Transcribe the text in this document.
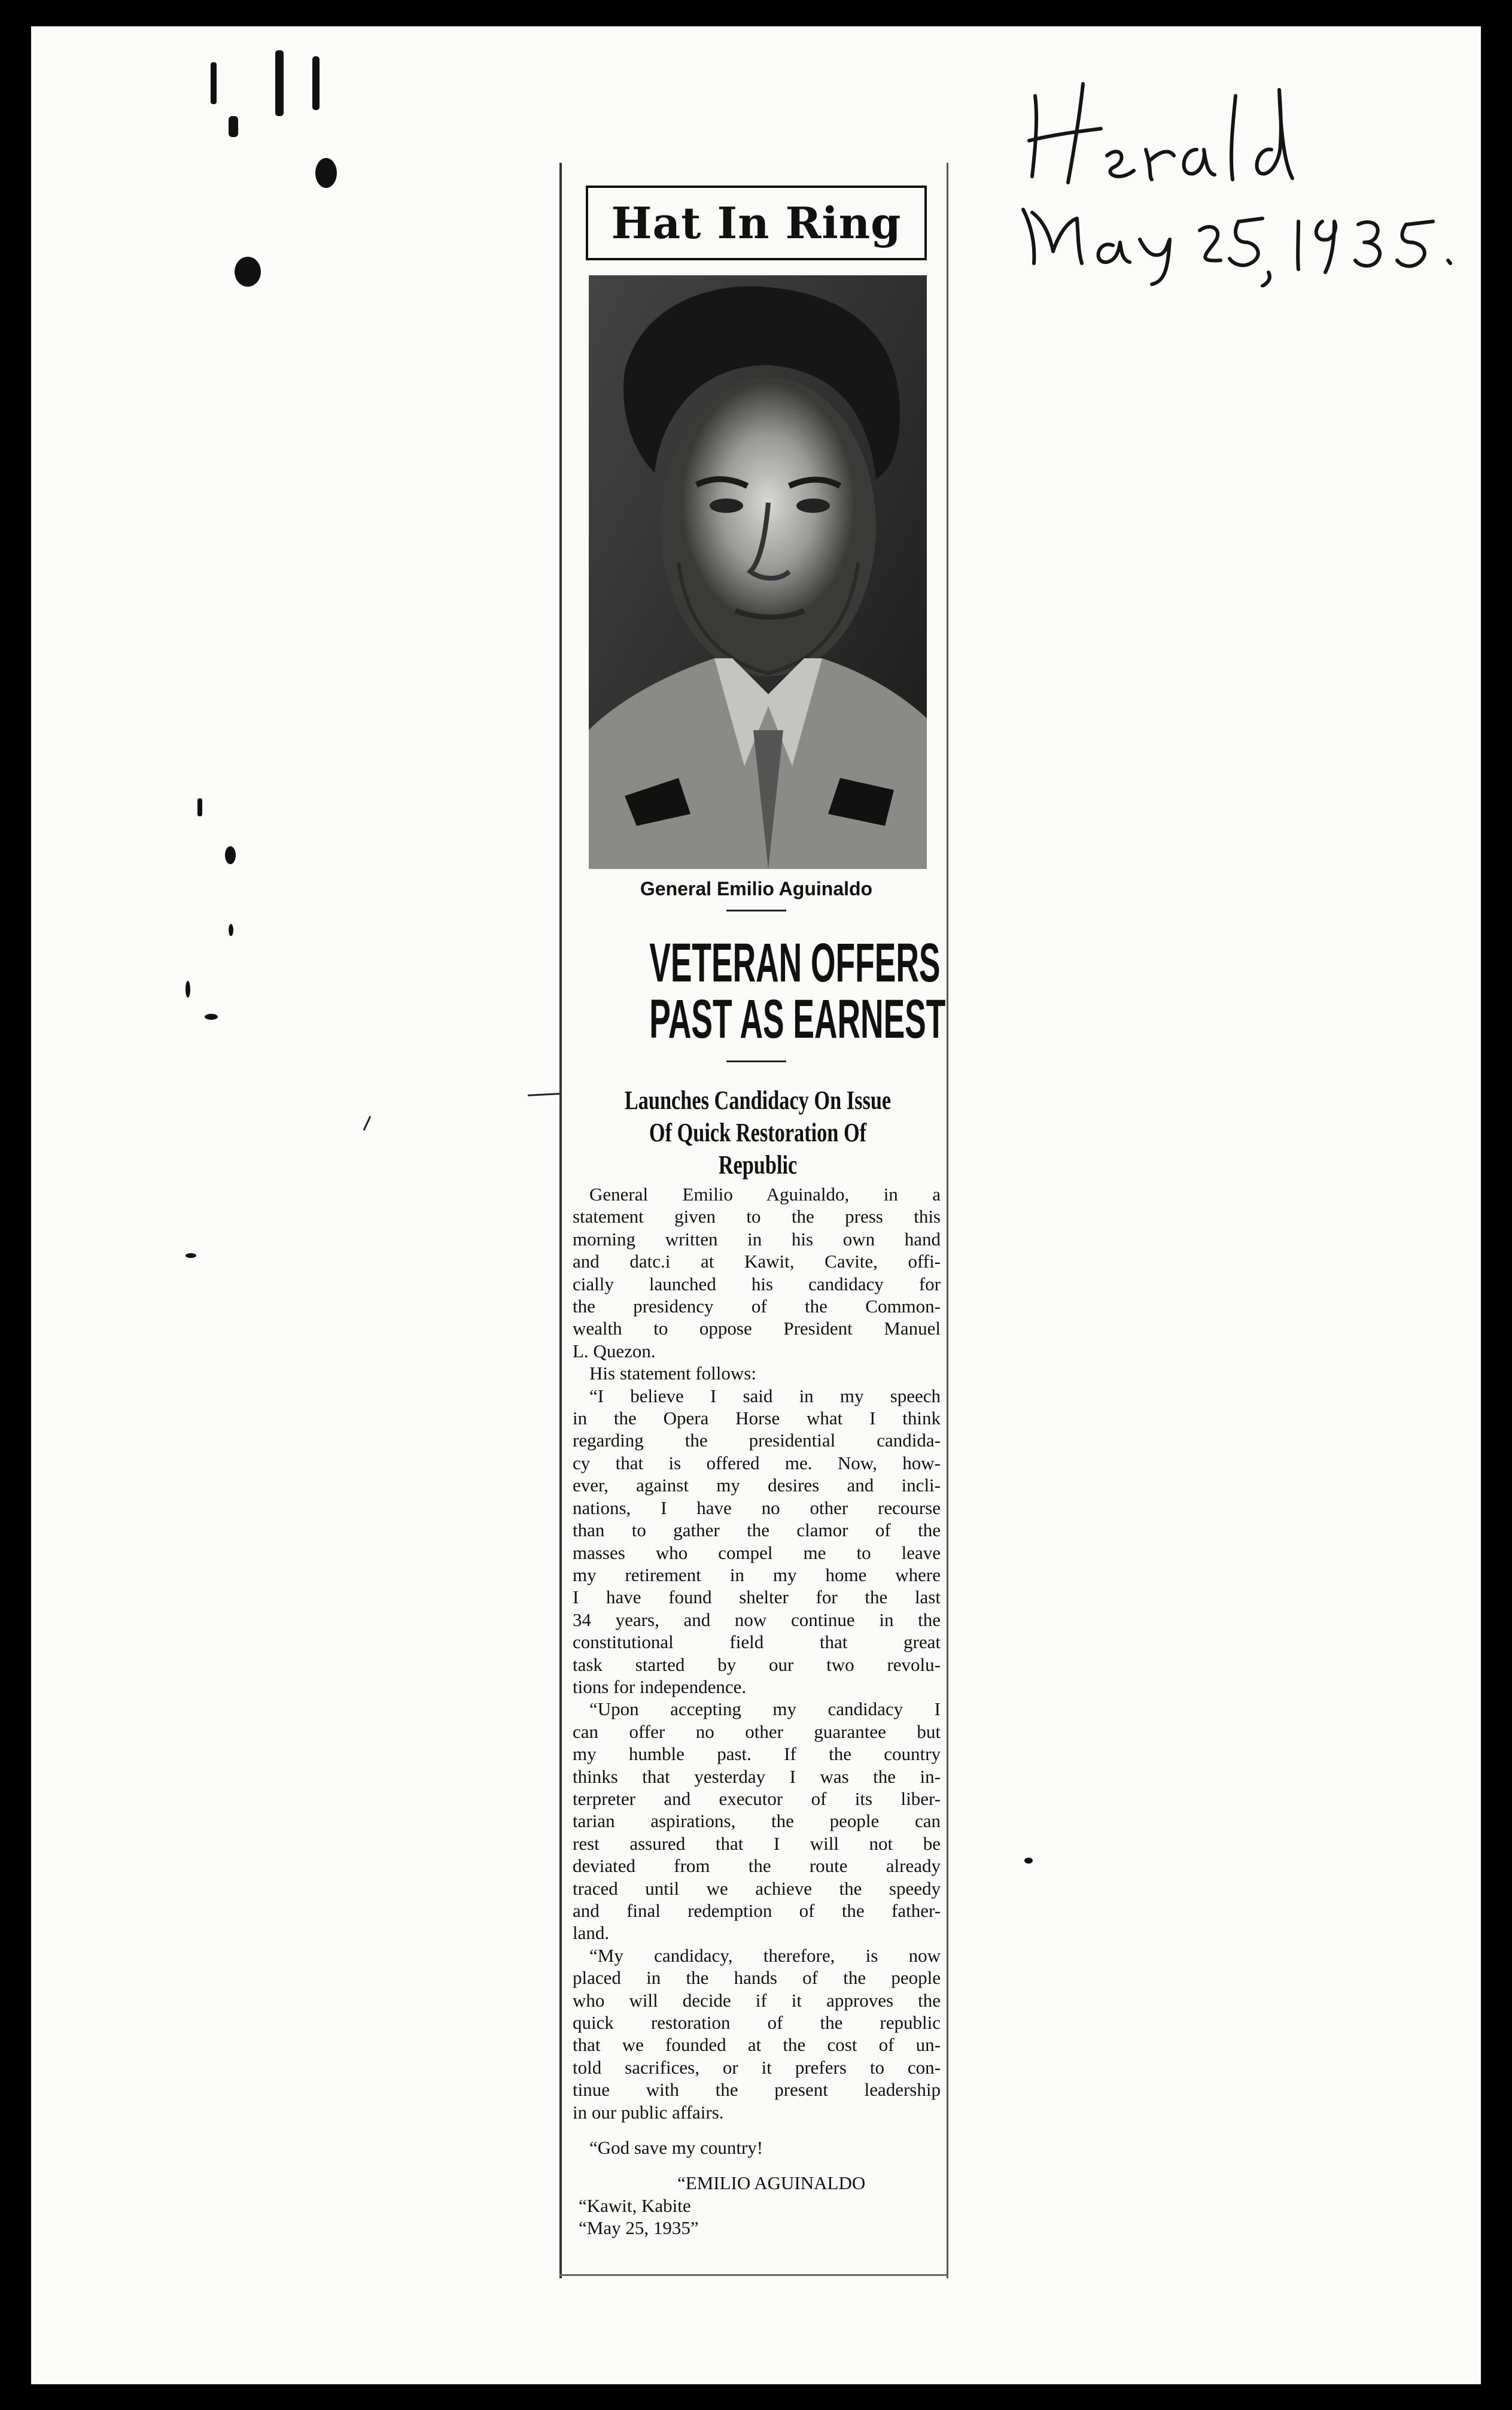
Hat In Ring
General Emilio Aguinaldo
VETERAN OFFERS
PAST AS EARNEST
Launches Candidacy On Issue
Of Quick Restoration Of
Republic
General Emilio Aguinaldo, in a
statement given to the press this
morning written in his own hand
and datc.i at Kawit, Cavite, offi-
cially launched his candidacy for
the presidency of the Common-
wealth to oppose President Manuel
L. Quezon.
His statement follows:
“I believe I said in my speech
in the Opera Horse what I think
regarding the presidential candida-
cy that is offered me. Now, how-
ever, against my desires and incli-
nations, I have no other recourse
than to gather the clamor of the
masses who compel me to leave
my retirement in my home where
I have found shelter for the last
34 years, and now continue in the
constitutional field that great
task started by our two revolu-
tions for independence.
“Upon accepting my candidacy I
can offer no other guarantee but
my humble past. If the country
thinks that yesterday I was the in-
terpreter and executor of its liber-
tarian aspirations, the people can
rest assured that I will not be
deviated from the route already
traced until we achieve the speedy
and final redemption of the father-
land.
“My candidacy, therefore, is now
placed in the hands of the people
who will decide if it approves the
quick restoration of the republic
that we founded at the cost of un-
told sacrifices, or it prefers to con-
tinue with the present leadership
in our public affairs.
“God save my country!
“EMILIO AGUINALDO
“Kawit, Kabite
“May 25, 1935”
